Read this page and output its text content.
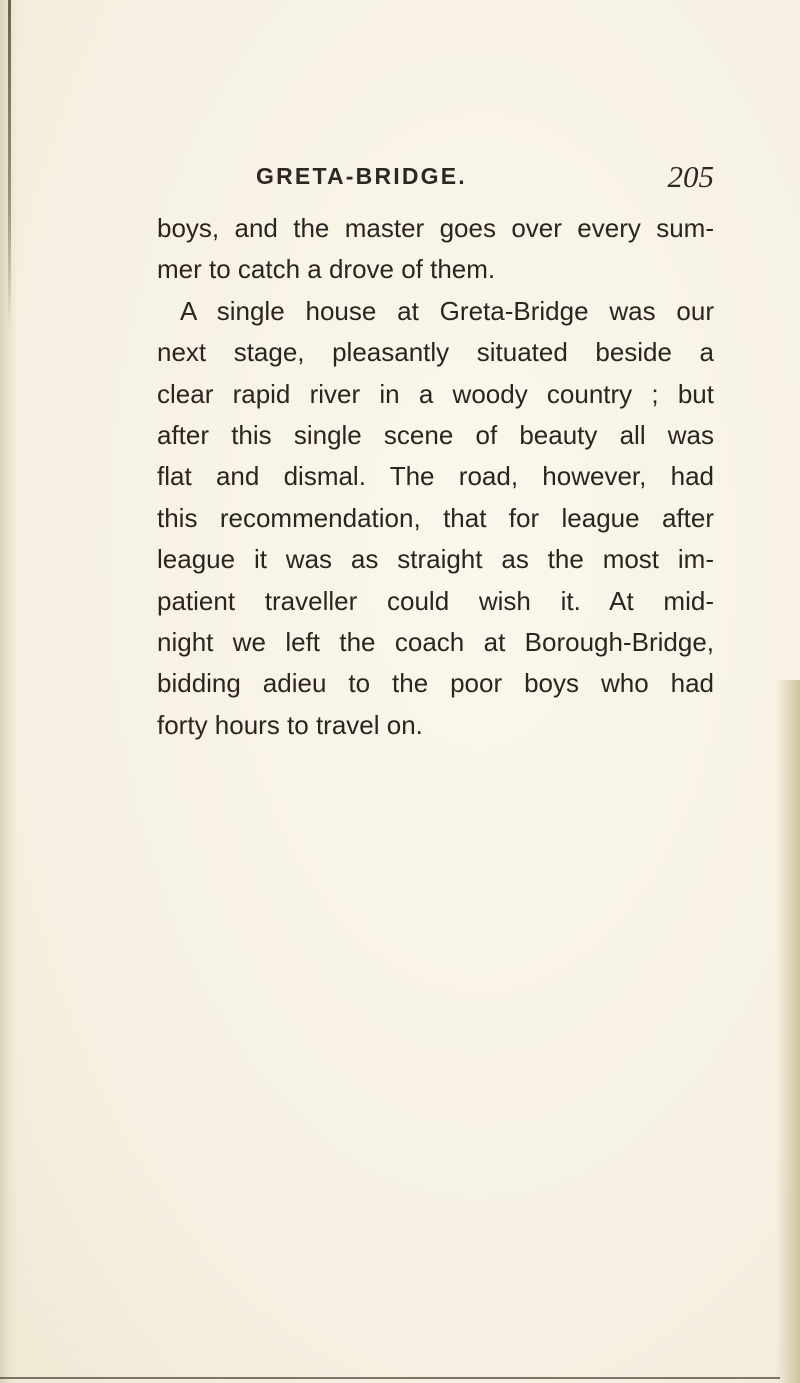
GRETA-BRIDGE.	205
boys, and the master goes over every sum-
mer to catch a drove of them.
A single house at Greta-Bridge was our
next stage, pleasantly situated beside a
clear rapid river in a woody country ; but
after this single scene of beauty all was
flat and dismal. The road, however, had
this recommendation, that for league after
league it was as straight as the most im-
patient traveller could wish it. At mid-
night we left the coach at Borough-Bridge,
bidding adieu to the poor boys who had
forty hours to travel on.
